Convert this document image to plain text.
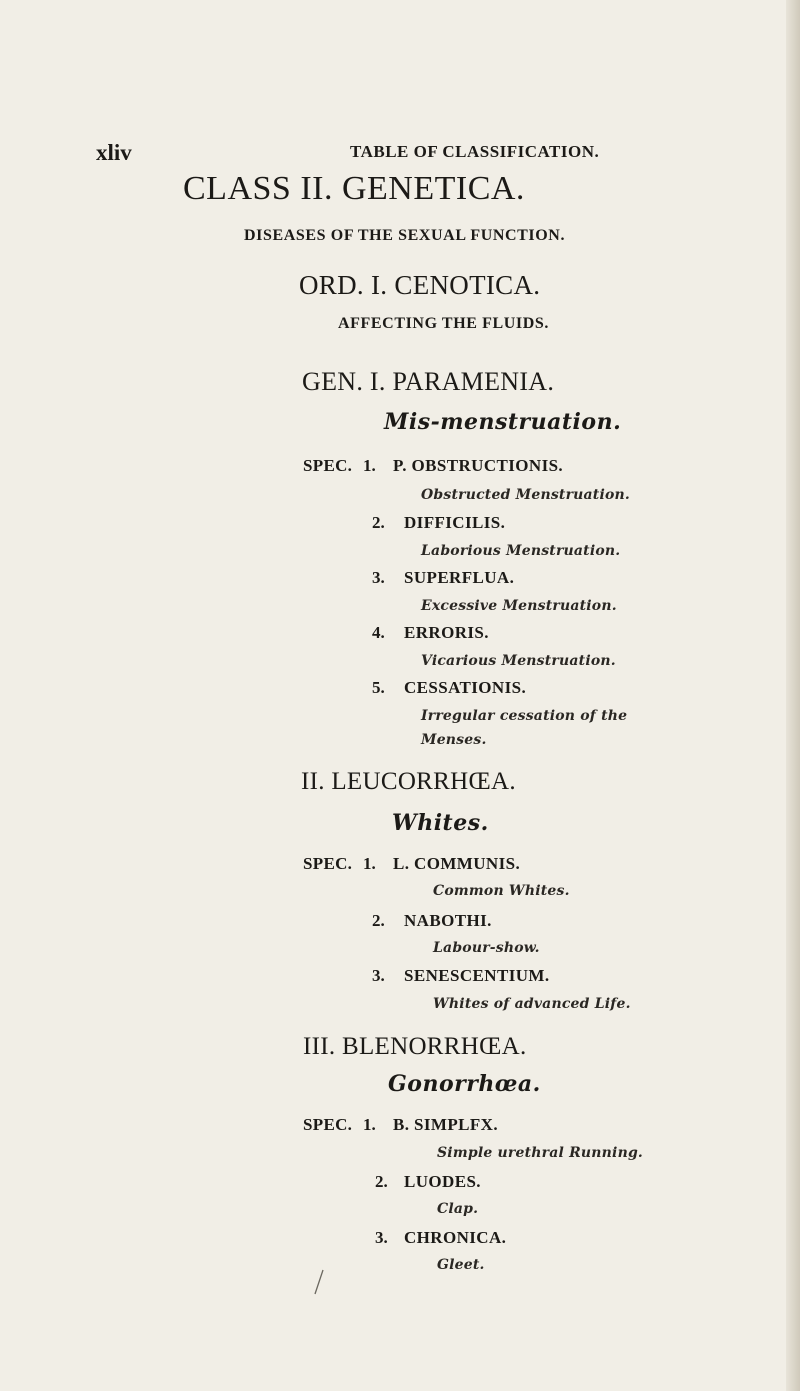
xliv	TABLE OF CLASSIFICATION.
CLASS II. GENETICA.
DISEASES OF THE SEXUAL FUNCTION.
ORD. I. CENOTICA.
AFFECTING THE FLUIDS.
GEN. I. PARAMENIA.
Mis-menstruation.
SPEC. 1. P. OBSTRUCTIONIS.
Obstructed Menstruation.
2. DIFFICILIS.
Laborious Menstruation.
3. SUPERFLUA.
Excessive Menstruation.
4. ERRORIS.
Vicarious Menstruation.
5. CESSATIONIS.
Irregular cessation of the
Menses.
II. LEUCORRHŒA.
Whites.
SPEC. 1. L. COMMUNIS.
Common Whites.
2. NABOTHI.
Labour-show.
3. SENESCENTIUM.
Whites of advanced Life.
III. BLENORRHŒA.
Gonorrhœa.
SPEC. 1. B. SIMPLFX.
Simple urethral Running.
2. LUODES.
Clap.
3. CHRONICA.
Gleet.
